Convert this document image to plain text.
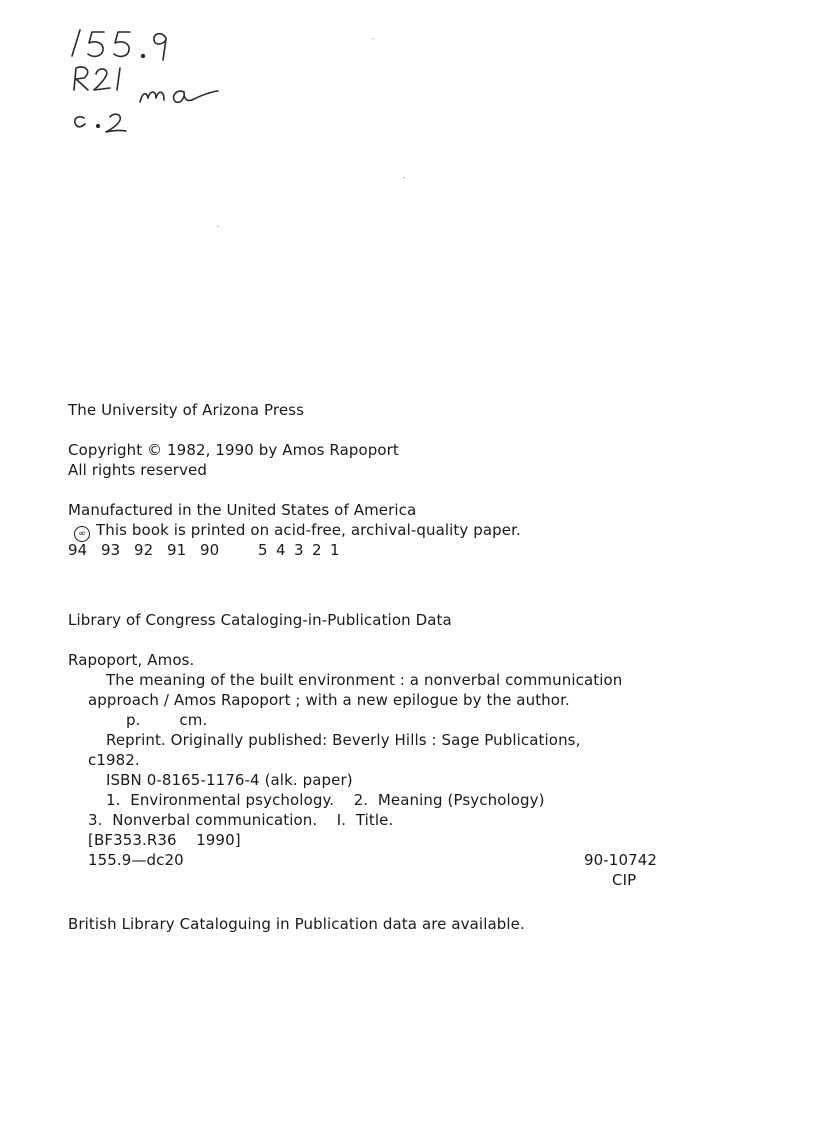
The University of Arizona Press
Copyright © 1982, 1990 by Amos Rapoport
All rights reserved
Manufactured in the United States of America
∞ This book is printed on acid-free, archival-quality paper.
94 93 92 91 90	5 4 3 2 1
Library of Congress Cataloging-in-Publication Data
Rapoport, Amos.
The meaning of the built environment : a nonverbal communication
approach / Amos Rapoport ; with a new epilogue by the author.
p.        cm.
Reprint. Originally published: Beverly Hills : Sage Publications,
c1982.
ISBN 0-8165-1176-4 (alk. paper)
1.  Environmental psychology.    2.  Meaning (Psychology)
3.  Nonverbal communication.    I.  Title.
[BF353.R36    1990]
155.9—dc20	90-10742
CIP
British Library Cataloguing in Publication data are available.
